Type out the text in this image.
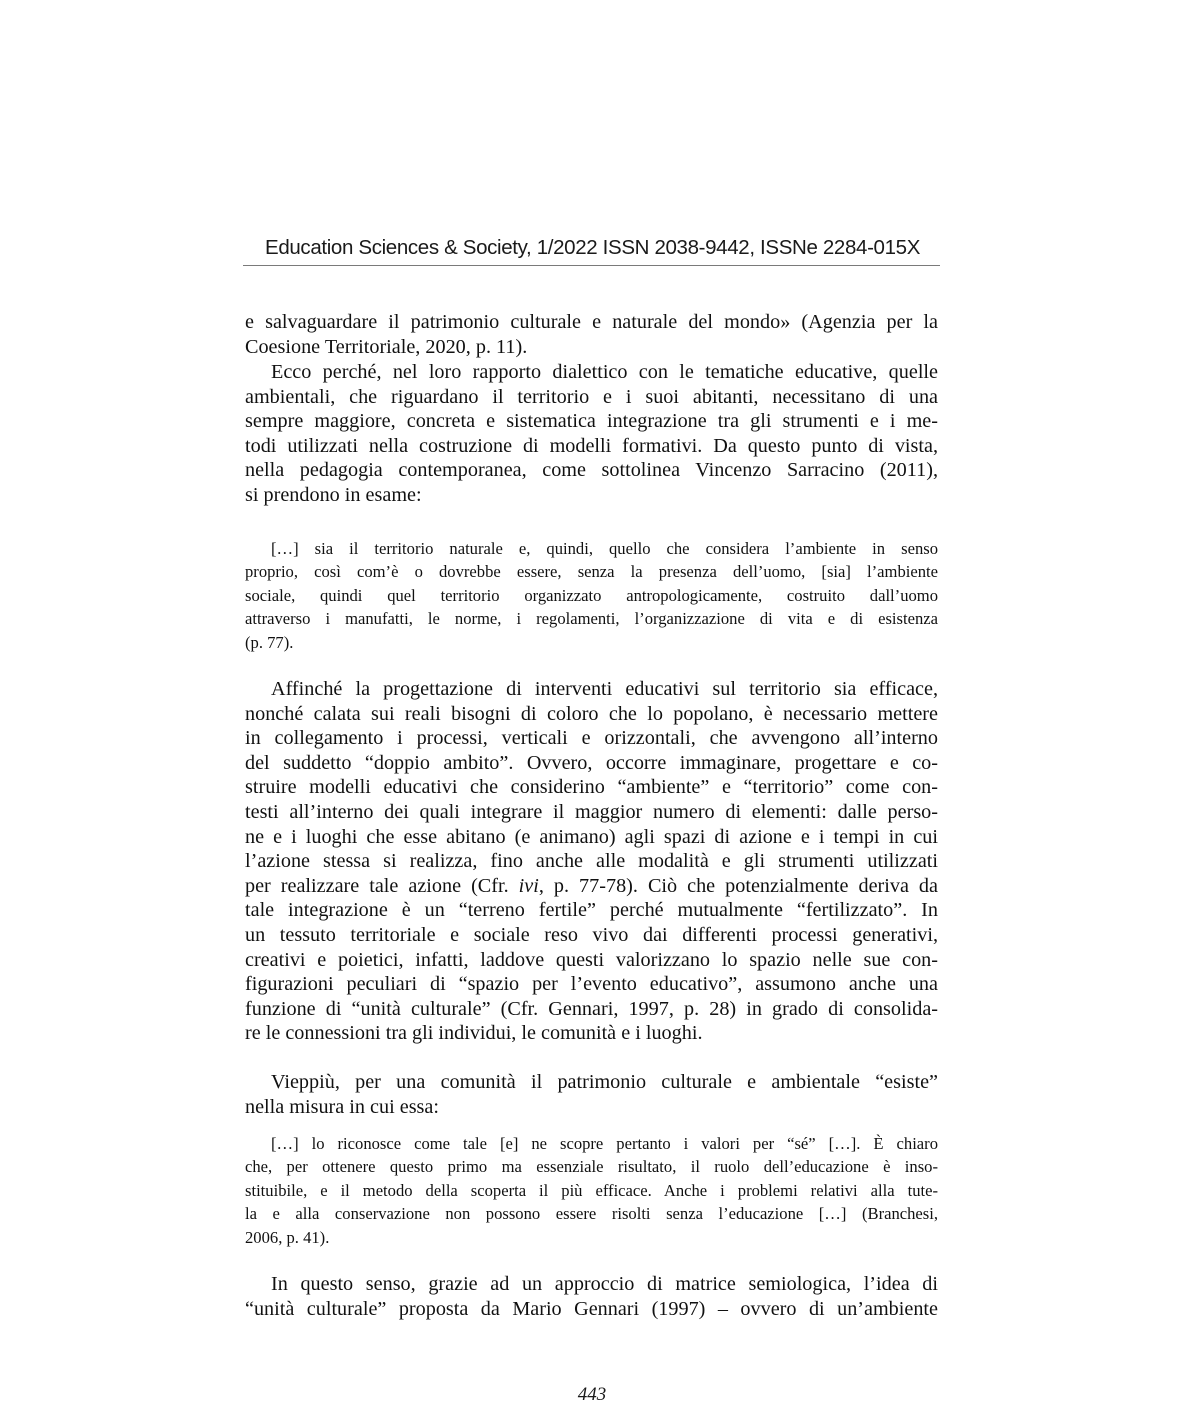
Education Sciences & Society, 1/2022 ISSN 2038-9442, ISSNe 2284-015X
e salvaguardare il patrimonio culturale e naturale del mondo» (Agenzia per la
Coesione Territoriale, 2020, p. 11).
Ecco perché, nel loro rapporto dialettico con le tematiche educative, quelle
ambientali, che riguardano il territorio e i suoi abitanti, necessitano di una
sempre maggiore, concreta e sistematica integrazione tra gli strumenti e i me-
todi utilizzati nella costruzione di modelli formativi. Da questo punto di vista,
nella pedagogia contemporanea, come sottolinea Vincenzo Sarracino (2011),
si prendono in esame:
[…] sia il territorio naturale e, quindi, quello che considera l’ambiente in senso
proprio, così com’è o dovrebbe essere, senza la presenza dell’uomo, [sia] l’ambiente
sociale, quindi quel territorio organizzato antropologicamente, costruito dall’uomo
attraverso i manufatti, le norme, i regolamenti, l’organizzazione di vita e di esistenza
(p. 77).
Affinché la progettazione di interventi educativi sul territorio sia efficace,
nonché calata sui reali bisogni di coloro che lo popolano, è necessario mettere
in collegamento i processi, verticali e orizzontali, che avvengono all’interno
del suddetto “doppio ambito”. Ovvero, occorre immaginare, progettare e co-
struire modelli educativi che considerino “ambiente” e “territorio” come con-
testi all’interno dei quali integrare il maggior numero di elementi: dalle perso-
ne e i luoghi che esse abitano (e animano) agli spazi di azione e i tempi in cui
l’azione stessa si realizza, fino anche alle modalità e gli strumenti utilizzati
per realizzare tale azione (Cfr. ivi, p. 77-78). Ciò che potenzialmente deriva da
tale integrazione è un “terreno fertile” perché mutualmente “fertilizzato”. In
un tessuto territoriale e sociale reso vivo dai differenti processi generativi,
creativi e poietici, infatti, laddove questi valorizzano lo spazio nelle sue con-
figurazioni peculiari di “spazio per l’evento educativo”, assumono anche una
funzione di “unità culturale” (Cfr. Gennari, 1997, p. 28) in grado di consolida-
re le connessioni tra gli individui, le comunità e i luoghi.
Vieppiù, per una comunità il patrimonio culturale e ambientale “esiste”
nella misura in cui essa:
[…] lo riconosce come tale [e] ne scopre pertanto i valori per “sé” […]. È chiaro
che, per ottenere questo primo ma essenziale risultato, il ruolo dell’educazione è inso-
stituibile, e il metodo della scoperta il più efficace. Anche i problemi relativi alla tute-
la e alla conservazione non possono essere risolti senza l’educazione […] (Branchesi,
2006, p. 41).
In questo senso, grazie ad un approccio di matrice semiologica, l’idea di
“unità culturale” proposta da Mario Gennari (1997) – ovvero di un’ambiente
443
